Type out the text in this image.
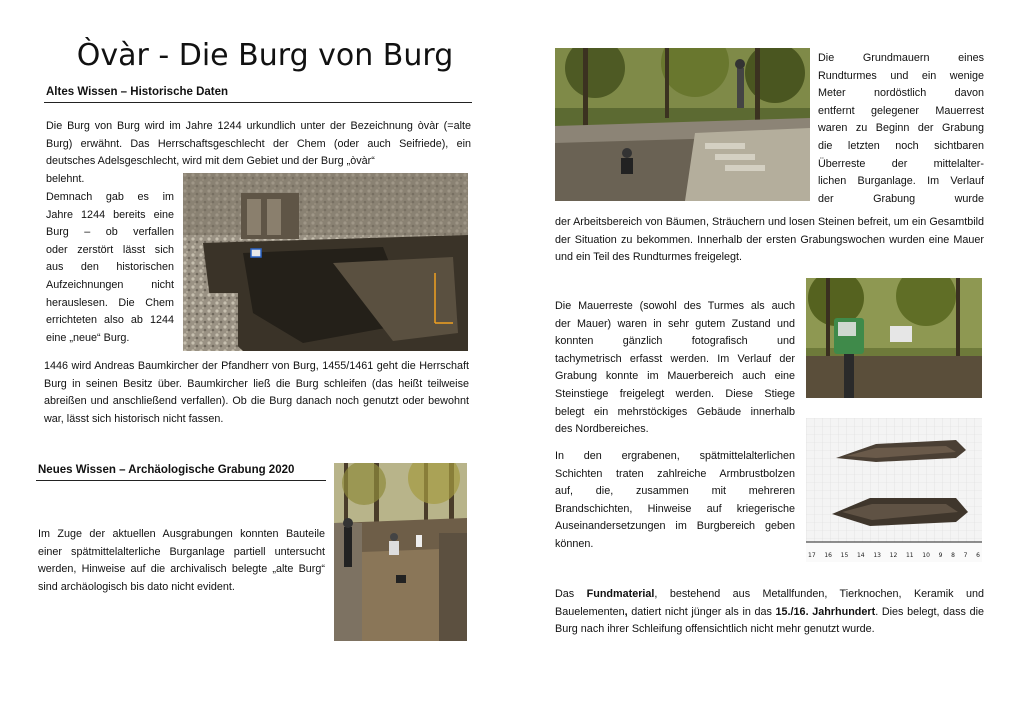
Òvàr - Die Burg von Burg
Altes Wissen – Historische Daten
Die Burg von Burg wird im Jahre 1244 urkundlich unter der Bezeichnung òvàr (=alte Burg) erwähnt. Das Herrschaftsgeschlecht der Chem (oder auch Seifriede), ein deutsches Adelsgeschlecht, wird mit dem Gebiet und der Burg „òvàr“
belehnt.
Demnach gab es im
Jahre 1244 bereits eine
Burg – ob verfallen
oder zerstört lässt sich
aus den historischen
Aufzeichnungen nicht
herauslesen. Die Chem
errichteten also ab 1244
eine „neue“ Burg.
1446 wird Andreas Baumkircher der Pfandherr von Burg, 1455/1461 geht die Herrschaft Burg in seinen Besitz über. Baumkircher ließ die Burg schleifen (das heißt teilweise abreißen und anschließend verfallen). Ob die Burg danach noch genutzt oder bewohnt war, lässt sich historisch nicht fassen.
Neues Wissen – Archäologische Grabung 2020
Im Zuge der aktuellen Ausgrabungen konnten Bauteile einer spätmittelalterliche Burganlage partiell untersucht werden, Hinweise auf die archivalisch belegte „alte Burg“ sind archäologisch bis dato nicht evident.
Die Grundmauern eines
Rundturmes und ein wenige
Meter nordöstlich davon
entfernt gelegener Mauerrest
waren zu Beginn der Grabung
die letzten noch sichtbaren
Überreste der mittelalter-
lichen Burganlage. Im Verlauf
der Grabung wurde
der Arbeitsbereich von Bäumen, Sträuchern und losen Steinen befreit, um ein Gesamtbild der Situation zu bekommen. Innerhalb der ersten Grabungswochen wurden eine Mauer und ein Teil des Rundturmes freigelegt.
Die Mauerreste (sowohl des Turmes als auch
der Mauer) waren in sehr gutem Zustand und
konnten gänzlich fotografisch und
tachymetrisch erfasst werden. Im Verlauf der
Grabung konnte im Mauerbereich auch eine
Steinstiege freigelegt werden. Diese Stiege
belegt ein mehrstöckiges Gebäude innerhalb
des Nordbereiches.
17 16 15 14 13 12 11 10 9 8 7 6
In den ergrabenen, spätmittelalterlichen
Schichten traten zahlreiche Armbrustbolzen
auf, die, zusammen mit mehreren
Brandschichten, Hinweise auf kriegerische
Auseinandersetzungen im Burgbereich geben
können.
Das Fundmaterial, bestehend aus Metallfunden, Tierknochen, Keramik und Bauelementen, datiert nicht jünger als in das 15./16. Jahrhundert. Dies belegt, dass die Burg nach ihrer Schleifung offensichtlich nicht mehr genutzt wurde.
